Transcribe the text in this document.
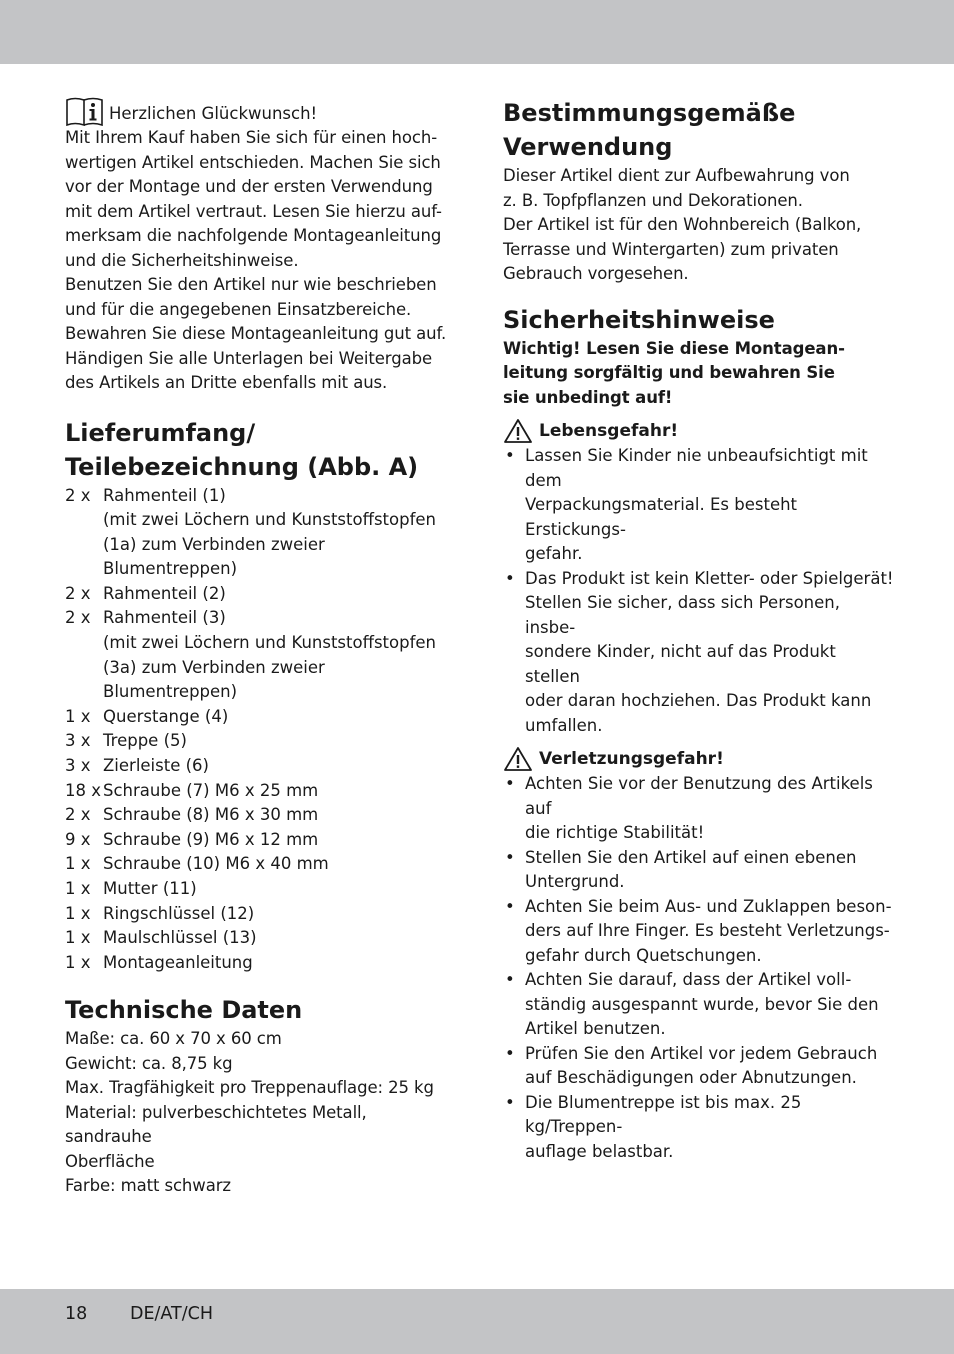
Herzlichen Glückwunsch!

Mit Ihrem Kauf haben Sie sich für einen hoch-

wertigen Artikel entschieden. Machen Sie sich

vor der Montage und der ersten Verwendung

mit dem Artikel vertraut. Lesen Sie hierzu auf-

merksam die nachfolgende Montageanleitung

und die Sicherheitshinweise.

Benutzen Sie den Artikel nur wie beschrieben

und für die angegebenen Einsatzbereiche.

Bewahren Sie diese Montageanleitung gut auf.

Händigen Sie alle Unterlagen bei Weitergabe

des Artikels an Dritte ebenfalls mit aus.

Lieferumfang/
Teilebezeichnung (Abb. A)
2 x Rahmenteil (1)
(mit zwei Löchern und Kunststoffstopfen
(1a) zum Verbinden zweier Blumentreppen)
2 x Rahmenteil (2)
2 x Rahmenteil (3)
(mit zwei Löchern und Kunststoffstopfen
(3a) zum Verbinden zweier Blumentreppen)
1 x Querstange (4)
3 x Treppe (5)
3 x Zierleiste (6)
18 x Schraube (7) M6 x 25 mm
2 x Schraube (8) M6 x 30 mm
9 x Schraube (9) M6 x 12 mm
1 x Schraube (10) M6 x 40 mm
1 x Mutter (11)
1 x Ringschlüssel (12)
1 x Maulschlüssel (13)
1 x Montageanleitung
Technische Daten

Maße: ca. 60 x 70 x 60 cm

Gewicht: ca. 8,75 kg

Max. Tragfähigkeit pro Treppenauflage: 25 kg

Material: pulverbeschichtetes Metall, sandrauhe

Oberfläche

Farbe: matt schwarz

Bestimmungsgemäße
Verwendung

Dieser Artikel dient zur Aufbewahrung von

z. B. Topfpflanzen und Dekorationen.

Der Artikel ist für den Wohnbereich (Balkon,

Terrasse und Wintergarten) zum privaten

Gebrauch vorgesehen.

Sicherheitshinweise

Wichtig! Lesen Sie diese Montagean-

leitung sorgfältig und bewahren Sie

sie unbedingt auf!

Lebensgefahr!
• Lassen Sie Kinder nie unbeaufsichtigt mit dem
Verpackungsmaterial. Es besteht Erstickungs-
gefahr.
• Das Produkt ist kein Kletter- oder Spielgerät!
Stellen Sie sicher, dass sich Personen, insbe-
sondere Kinder, nicht auf das Produkt stellen
oder daran hochziehen. Das Produkt kann
umfallen.
Verletzungsgefahr!
• Achten Sie vor der Benutzung des Artikels auf
die richtige Stabilität!
• Stellen Sie den Artikel auf einen ebenen
Untergrund.
• Achten Sie beim Aus- und Zuklappen beson-
ders auf Ihre Finger. Es besteht Verletzungs-
gefahr durch Quetschungen.
• Achten Sie darauf, dass der Artikel voll-
ständig ausgespannt wurde, bevor Sie den
Artikel benutzen.
• Prüfen Sie den Artikel vor jedem Gebrauch
auf Beschädigungen oder Abnutzungen.
• Die Blumentreppe ist bis max. 25 kg/Treppen-
auflage belastbar.
18 DE/AT/CH
